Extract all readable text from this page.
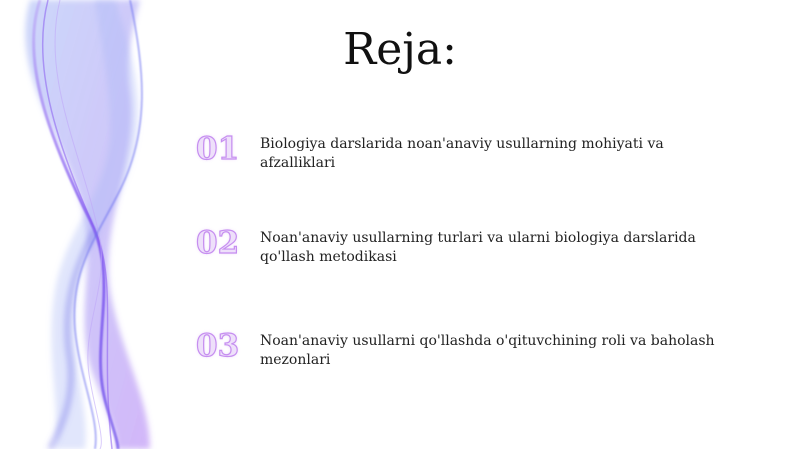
Reja:
01	Biologiya darslarida noan'anaviy usullarning mohiyati va afzalliklari
02	Noan'anaviy usullarning turlari va ularni biologiya darslarida qo'llash metodikasi
03	Noan'anaviy usullarni qo'llashda o'qituvchining roli va baholash mezonlari
